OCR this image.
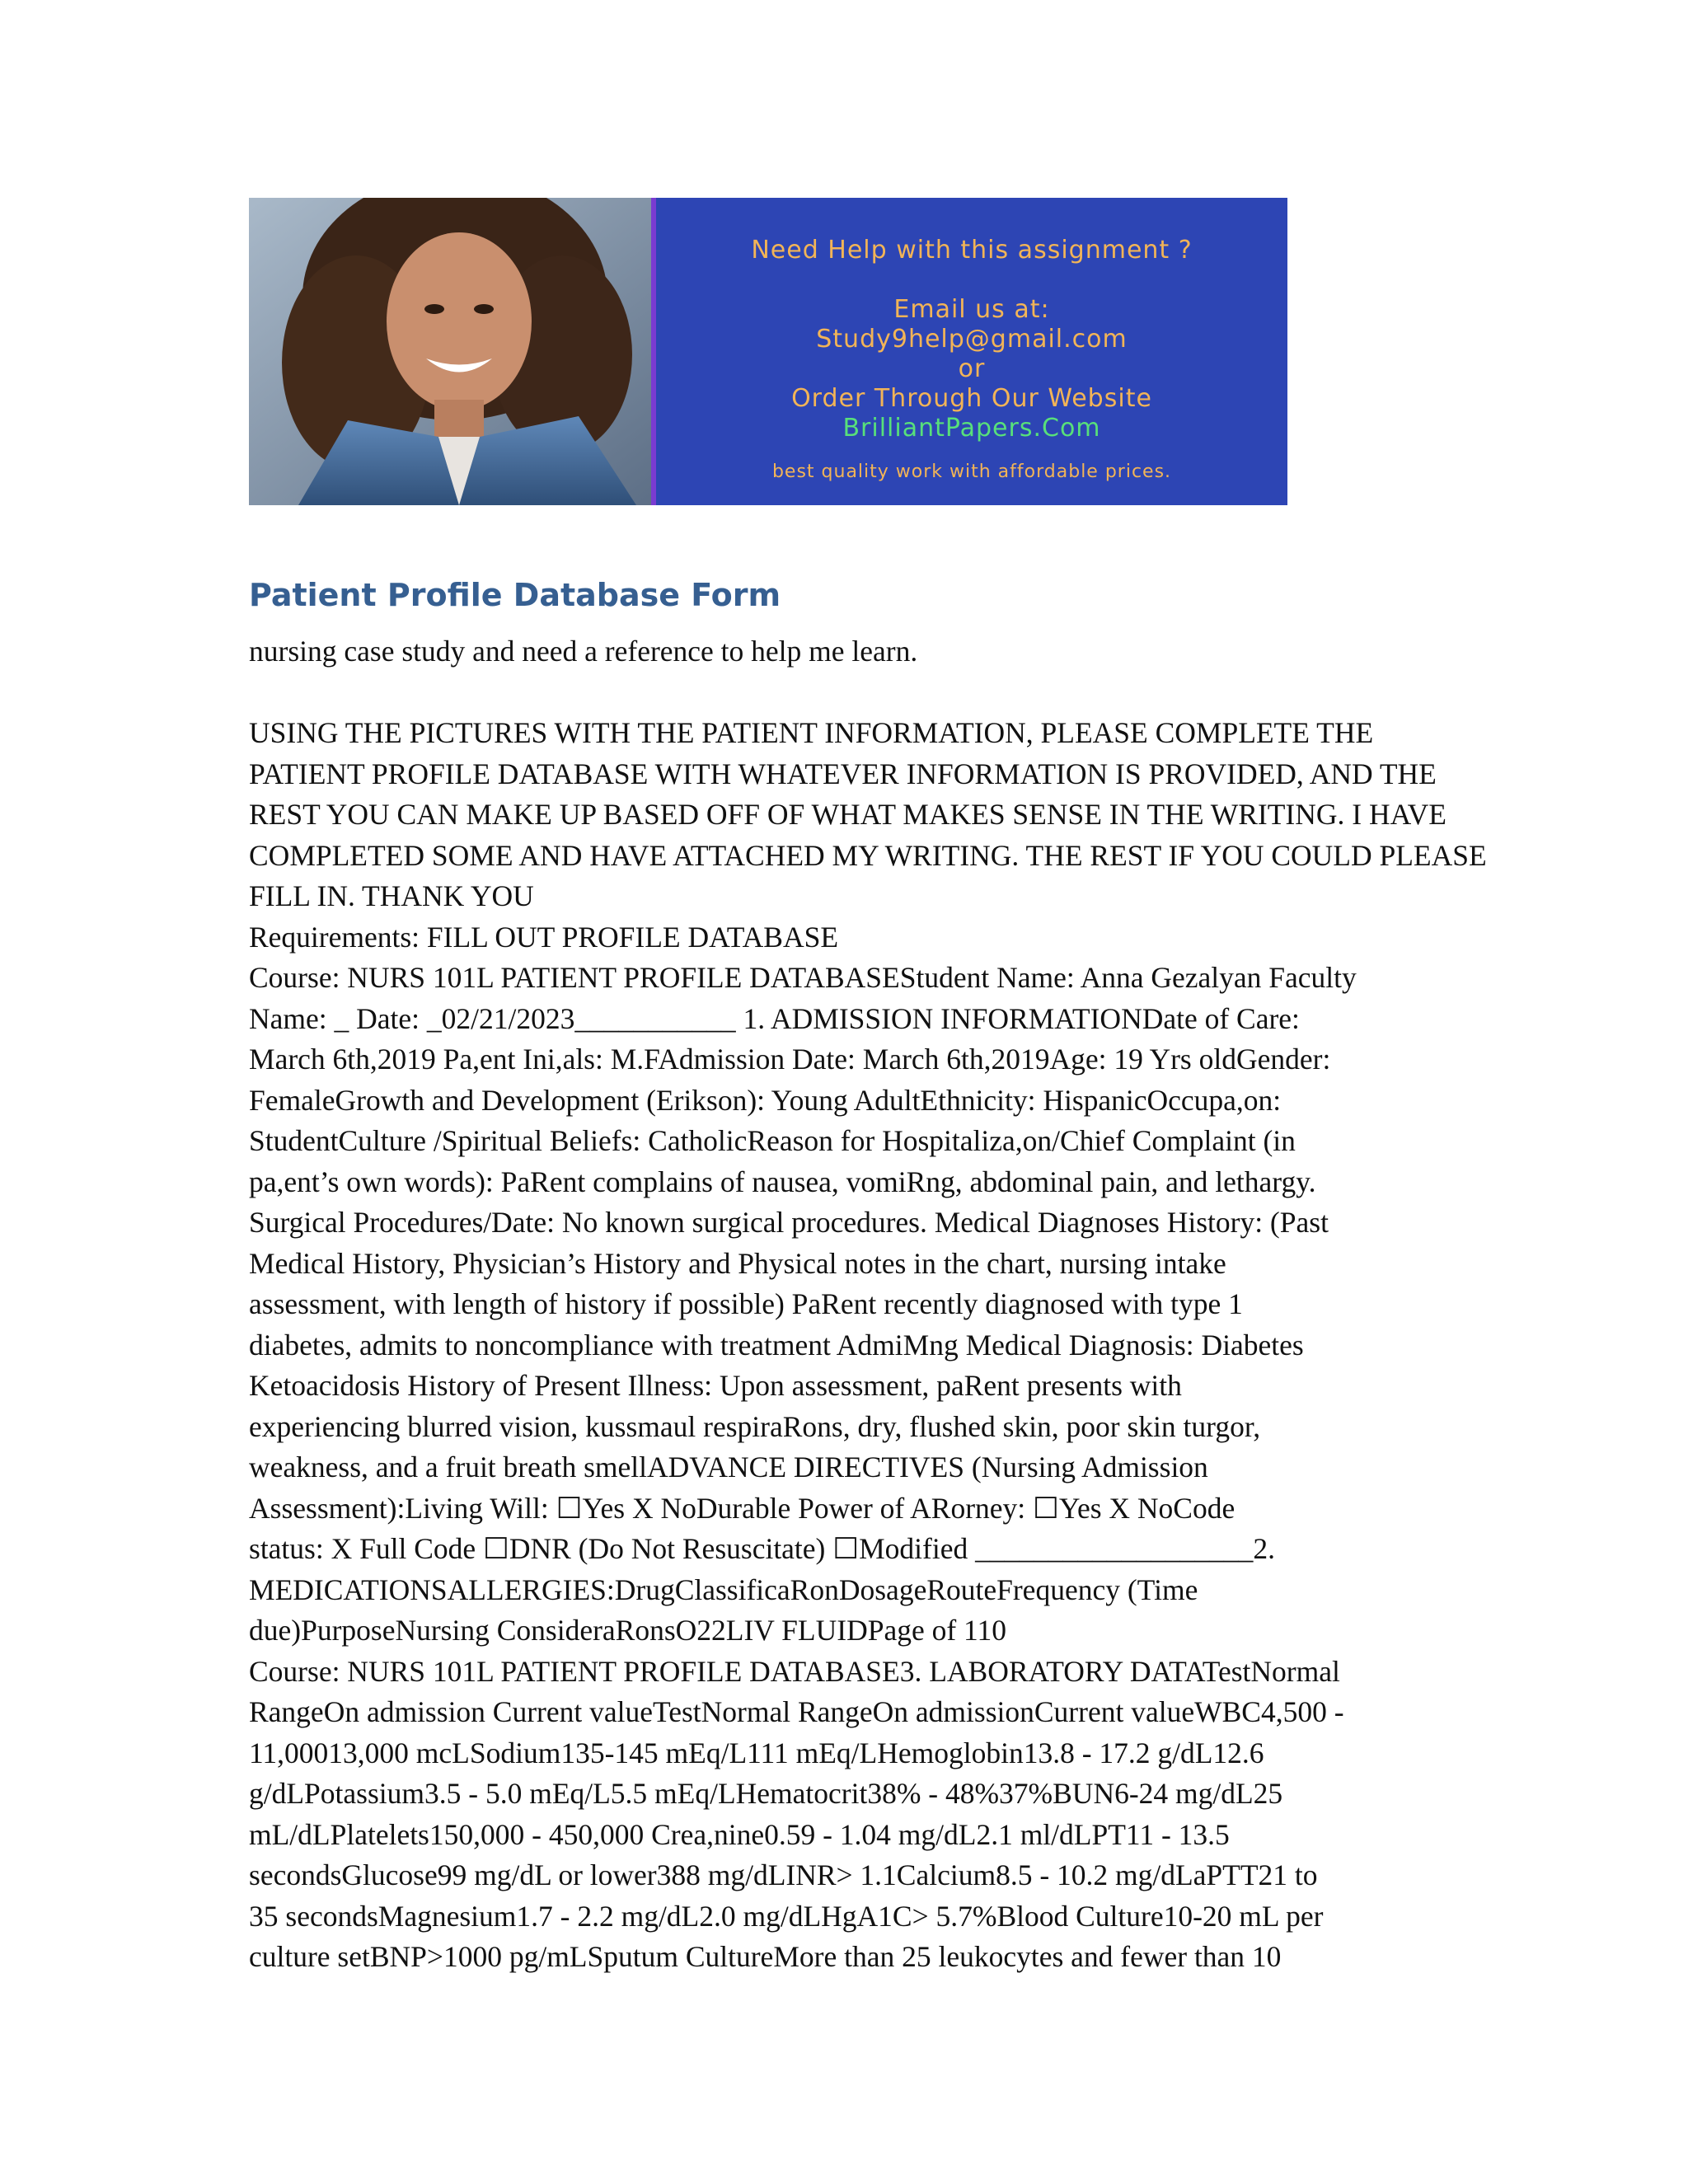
Need Help with this assignment ?
Email us at:
Study9help@gmail.com
or
Order Through Our Website
BrilliantPapers.Com
best quality work with affordable prices.
Patient Profile Database Form
nursing case study and need a reference to help me learn.
USING THE PICTURES WITH THE PATIENT INFORMATION, PLEASE COMPLETE THE
PATIENT PROFILE DATABASE WITH WHATEVER INFORMATION IS PROVIDED, AND THE
REST YOU CAN MAKE UP BASED OFF OF WHAT MAKES SENSE IN THE WRITING. I HAVE
COMPLETED SOME AND HAVE ATTACHED MY WRITING. THE REST IF YOU COULD PLEASE
FILL IN. THANK YOU
Requirements: FILL OUT PROFILE DATABASE
Course: NURS 101L PATIENT PROFILE DATABASEStudent Name: Anna Gezalyan Faculty
Name: _ Date: _02/21/2023___________ 1. ADMISSION INFORMATIONDate of Care:
March 6th,2019 Pa,ent Ini,als: M.FAdmission Date: March 6th,2019Age: 19 Yrs oldGender:
FemaleGrowth and Development (Erikson): Young AdultEthnicity: HispanicOccupa,on:
StudentCulture /Spiritual Beliefs: CatholicReason for Hospitaliza,on/Chief Complaint (in
pa,ent’s own words): PaRent complains of nausea, vomiRng, abdominal pain, and lethargy.
Surgical Procedures/Date: No known surgical procedures. Medical Diagnoses History: (Past
Medical History, Physician’s History and Physical notes in the chart, nursing intake
assessment, with length of history if possible) PaRent recently diagnosed with type 1
diabetes, admits to noncompliance with treatment AdmiMng Medical Diagnosis: Diabetes
Ketoacidosis History of Present Illness: Upon assessment, paRent presents with
experiencing blurred vision, kussmaul respiraRons, dry, flushed skin, poor skin turgor,
weakness, and a fruit breath smellADVANCE DIRECTIVES (Nursing Admission
Assessment):Living Will: ☐Yes X NoDurable Power of ARorney: ☐Yes X NoCode
status: X Full Code ☐DNR (Do Not Resuscitate) ☐Modified ___________________2.
MEDICATIONSALLERGIES:DrugClassificaRonDosageRouteFrequency (Time
due)PurposeNursing ConsideraRonsO22LIV FLUIDPage of 110
Course: NURS 101L PATIENT PROFILE DATABASE3. LABORATORY DATATestNormal
RangeOn admission Current valueTestNormal RangeOn admissionCurrent valueWBC4,500 -
11,00013,000 mcLSodium135-145 mEq/L111 mEq/LHemoglobin13.8 - 17.2 g/dL12.6
g/dLPotassium3.5 - 5.0 mEq/L5.5 mEq/LHematocrit38% - 48%37%BUN6-24 mg/dL25
mL/dLPlatelets150,000 - 450,000 Crea,nine0.59 - 1.04 mg/dL2.1 ml/dLPT11 - 13.5
secondsGlucose99 mg/dL or lower388 mg/dLINR> 1.1Calcium8.5 - 10.2 mg/dLaPTT21 to
35 secondsMagnesium1.7 - 2.2 mg/dL2.0 mg/dLHgA1C> 5.7%Blood Culture10-20 mL per
culture setBNP>1000 pg/mLSputum CultureMore than 25 leukocytes and fewer than 10
